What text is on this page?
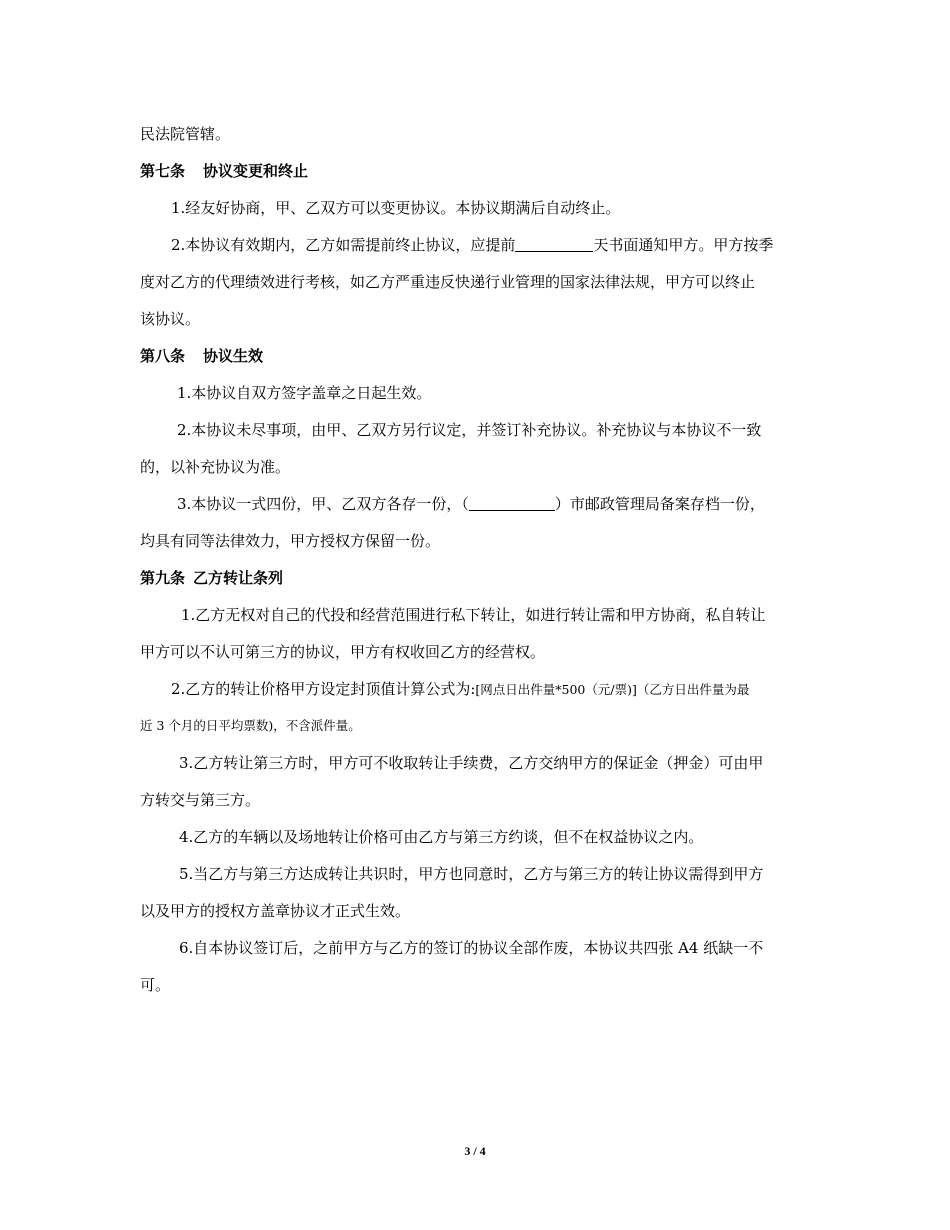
民法院管辖。
第七条 协议变更和终止
1.经友好协商，甲、乙双方可以变更协议。本协议期满后自动终止。
2.本协议有效期内，乙方如需提前终止协议，应提前	天书面通知甲方。甲方按季
度对乙方的代理绩效进行考核，如乙方严重违反快递行业管理的国家法律法规，甲方可以终止
该协议。
第八条 协议生效
1.本协议自双方签字盖章之日起生效。
2.本协议未尽事项，由甲、乙双方另行议定，并签订补充协议。补充协议与本协议不一致
的，以补充协议为准。
3.本协议一式四份，甲、乙双方各存一份，（	）市邮政管理局备案存档一份，
均具有同等法律效力，甲方授权方保留一份。
第九条 乙方转让条列
1.乙方无权对自己的代投和经营范围进行私下转让，如进行转让需和甲方协商，私自转让
甲方可以不认可第三方的协议，甲方有权收回乙方的经营权。
2.乙方的转让价格甲方设定封顶值计算公式为:[网点日出件量*500（元/票)]（乙方日出件量为最
近 3 个月的日平均票数)，不含派件量。
3.乙方转让第三方时，甲方可不收取转让手续费，乙方交纳甲方的保证金（押金）可由甲
方转交与第三方。
4.乙方的车辆以及场地转让价格可由乙方与第三方约谈，但不在权益协议之内。
5.当乙方与第三方达成转让共识时，甲方也同意时，乙方与第三方的转让协议需得到甲方
以及甲方的授权方盖章协议才正式生效。
6.自本协议签订后，之前甲方与乙方的签订的协议全部作废，本协议共四张 A4 纸缺一不
可。
3 / 4
